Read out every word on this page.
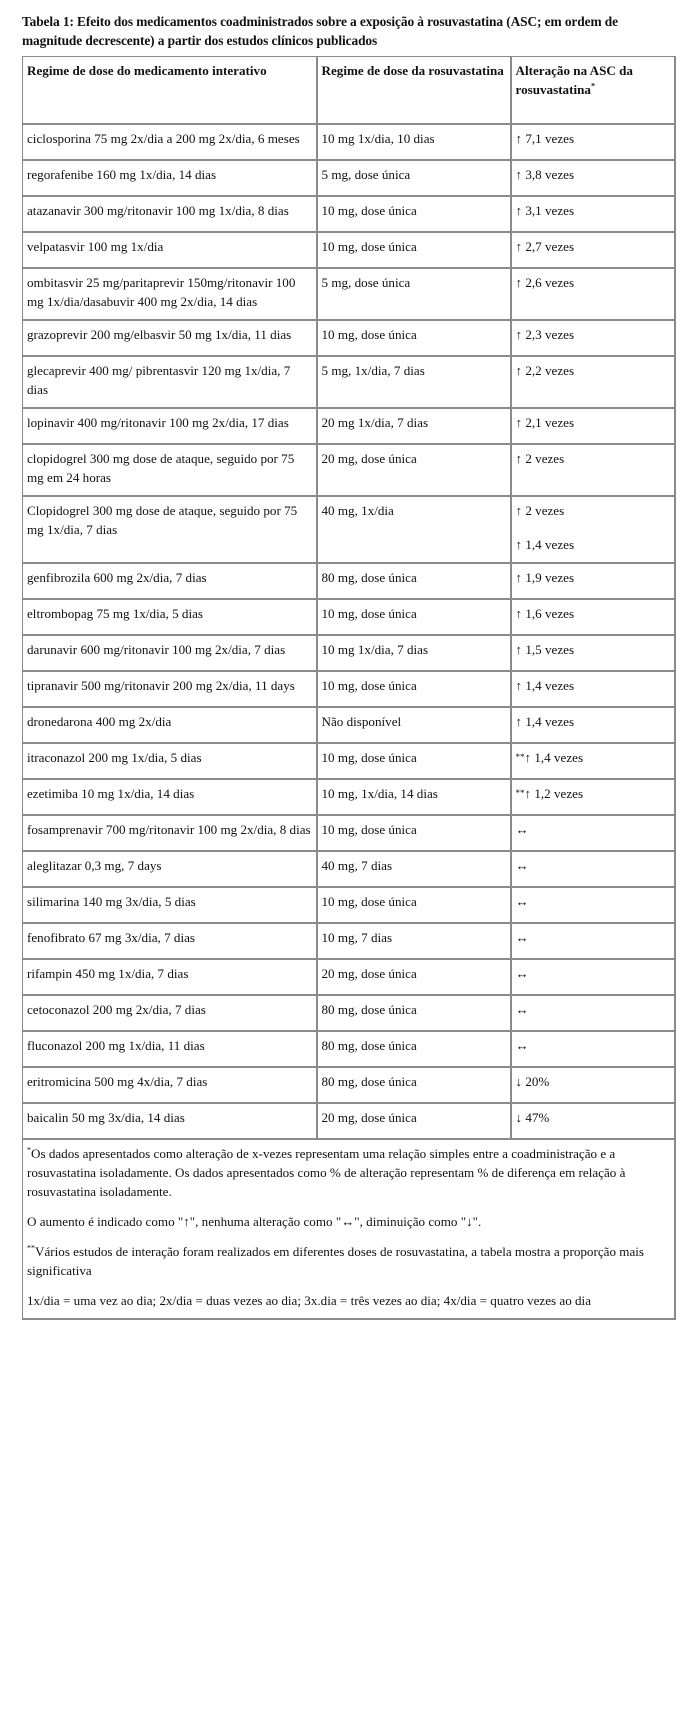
Tabela 1: Efeito dos medicamentos coadministrados sobre a exposição à rosuvastatina (ASC; em ordem de magnitude decrescente) a partir dos estudos clínicos publicados

Regime de dose do medicamento interativo	Regime de dose da rosuvastatina	Alteração na ASC da rosuvastatina*
ciclosporina 75 mg 2x/dia a 200 mg 2x/dia, 6 meses	10 mg 1x/dia, 10 dias	↑ 7,1 vezes

regorafenibe 160 mg 1x/dia, 14 dias	5 mg, dose única	↑ 3,8 vezes

atazanavir 300 mg/ritonavir 100 mg 1x/dia, 8 dias	10 mg, dose única	↑ 3,1 vezes

velpatasvir 100 mg 1x/dia	10 mg, dose única	↑ 2,7 vezes

ombitasvir 25 mg/paritaprevir 150mg/ritonavir 100 mg 1x/dia/dasabuvir 400 mg 2x/dia, 14 dias	5 mg, dose única	↑ 2,6 vezes

grazoprevir 200 mg/elbasvir 50 mg 1x/dia, 11 dias	10 mg, dose única	↑ 2,3 vezes

glecaprevir 400 mg/ pibrentasvir 120 mg 1x/dia, 7 dias	5 mg, 1x/dia, 7 dias	↑ 2,2 vezes

lopinavir 400 mg/ritonavir 100 mg 2x/dia, 17 dias	20 mg 1x/dia, 7 dias	↑ 2,1 vezes

clopidogrel 300 mg dose de ataque, seguido por 75 mg em 24 horas	20 mg, dose única	↑ 2 vezes

Clopidogrel 300 mg dose de ataque, seguido por 75 mg 1x/dia, 7 dias	40 mg, 1x/dia	↑ 2 vezes
↑ 1,4 vezes

genfibrozila 600 mg 2x/dia, 7 dias	80 mg, dose única	↑ 1,9 vezes

eltrombopag 75 mg 1x/dia, 5 dias	10 mg, dose única	↑ 1,6 vezes

darunavir 600 mg/ritonavir 100 mg 2x/dia, 7 dias	10 mg 1x/dia, 7 dias	↑ 1,5 vezes

tipranavir 500 mg/ritonavir 200 mg 2x/dia, 11 days	10 mg, dose única	↑ 1,4 vezes

dronedarona 400 mg 2x/dia	Não disponível	↑ 1,4 vezes

itraconazol 200 mg 1x/dia, 5 dias	10 mg, dose única	**↑ 1,4 vezes

ezetimiba 10 mg 1x/dia, 14 dias	10 mg, 1x/dia, 14 dias	**↑ 1,2 vezes

fosamprenavir 700 mg/ritonavir 100 mg 2x/dia, 8 dias	10 mg, dose única	↔

aleglitazar 0,3 mg, 7 days	40 mg, 7 dias	↔

silimarina 140 mg 3x/dia, 5 dias	10 mg, dose única	↔

fenofibrato 67 mg 3x/dia, 7 dias	10 mg, 7 dias	↔

rifampin 450 mg 1x/dia, 7 dias	20 mg, dose única	↔

cetoconazol 200 mg 2x/dia, 7 dias	80 mg, dose única	↔

fluconazol 200 mg 1x/dia, 11 dias	80 mg, dose única	↔

eritromicina 500 mg 4x/dia, 7 dias	80 mg, dose única	↓ 20%

baicalin 50 mg 3x/dia, 14 dias	20 mg, dose única	↓ 47%

*Os dados apresentados como alteração de x-vezes representam uma relação simples entre a coadministração e a rosuvastatina isoladamente. Os dados apresentados como % de alteração representam % de diferença em relação à rosuvastatina isoladamente.

O aumento é indicado como "↑", nenhuma alteração como "↔", diminuição como "↓".

**Vários estudos de interação foram realizados em diferentes doses de rosuvastatina, a tabela mostra a proporção mais significativa

1x/dia = uma vez ao dia; 2x/dia = duas vezes ao dia; 3x.dia = três vezes ao dia; 4x/dia = quatro vezes ao dia		
